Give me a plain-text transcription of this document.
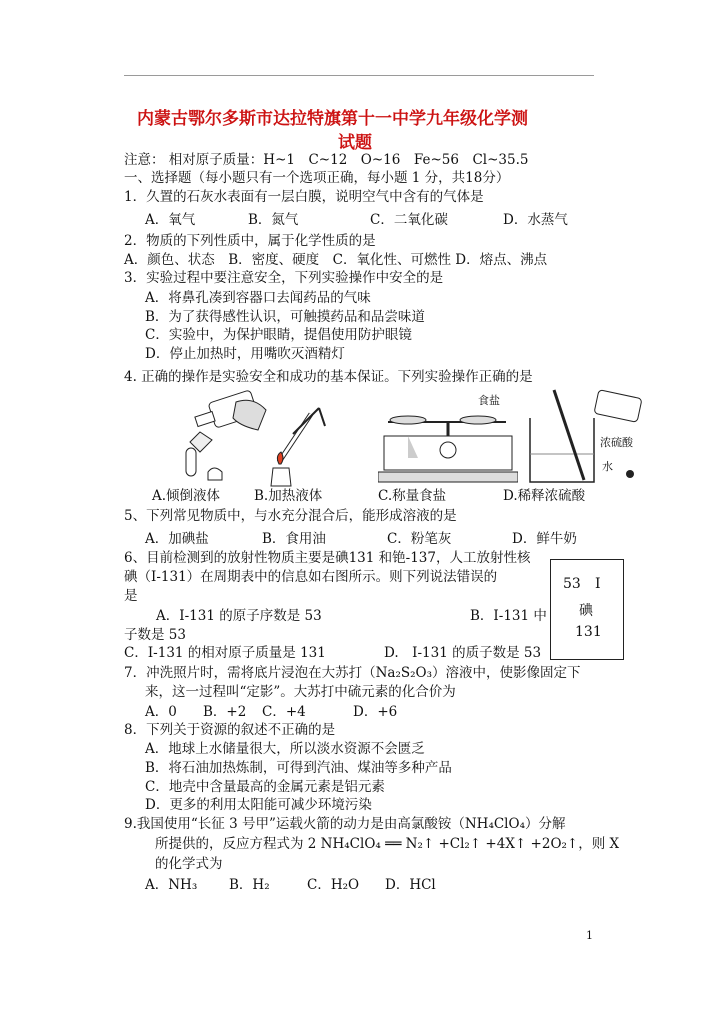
内蒙古鄂尔多斯市达拉特旗第十一中学九年级化学测
试题
注意： 相对原子质量：H~1　C~12　O~16　Fe~56　Cl~35.5
一、选择题（每小题只有一个选项正确，每小题 1 分，共18分）
1．久置的石灰水表面有一层白膜，说明空气中含有的气体是
A．氧气	B．氮气	C．二氧化碳	D．水蒸气
2．物质的下列性质中，属于化学性质的是
A．颜色、状态　B．密度、硬度　C．氧化性、可燃性 D．熔点、沸点
3．实验过程中要注意安全，下列实验操作中安全的是
A．将鼻孔凑到容器口去闻药品的气味
B．为了获得感性认识，可触摸药品和品尝味道
C．实验中，为保护眼睛，提倡使用防护眼镜
D．停止加热时，用嘴吹灭酒精灯
4. 正确的操作是实验安全和成功的基本保证。下列实验操作正确的是
食盐
浓硫酸
水
A.倾倒液体	B.加热液体	C.称量食盐	D.稀释浓硫酸
5、下列常见物质中，与水充分混合后，能形成溶液的是
A．加碘盐	B．食用油	C．粉笔灰	D．鲜牛奶
6、目前检测到的放射性物质主要是碘131 和铯-137，人工放射性核
碘（I-131）在周期表中的信息如右图所示。则下列说法错误的
是
A．I-131 的原子序数是 53	B．I-131 中
子数是 53
C．I-131 的相对原子质量是 131	D.　I-131 的质子数是 53
53 I
碘
131
7．冲洗照片时，需将底片浸泡在大苏打（Na₂S₂O₃）溶液中，使影像固定下
来，这一过程叫“定影”。大苏打中硫元素的化合价为
A．0 B．+2 C．+4	D．+6
8．下列关于资源的叙述不正确的是
A．地球上水储量很大，所以淡水资源不会匮乏
B．将石油加热炼制，可得到汽油、煤油等多种产品
C．地壳中含量最高的金属元素是铝元素
D．更多的利用太阳能可减少环境污染
9.我国使用“长征 3 号甲”运载火箭的动力是由高氯酸铵（NH₄ClO₄）分解
所提供的，反应方程式为 2 NH₄ClO₄ ══ N₂↑ +Cl₂↑ +4X↑ +2O₂↑，则 X
的化学式为
A．NH₃ B．H₂	C．H₂O D．HCl
1
